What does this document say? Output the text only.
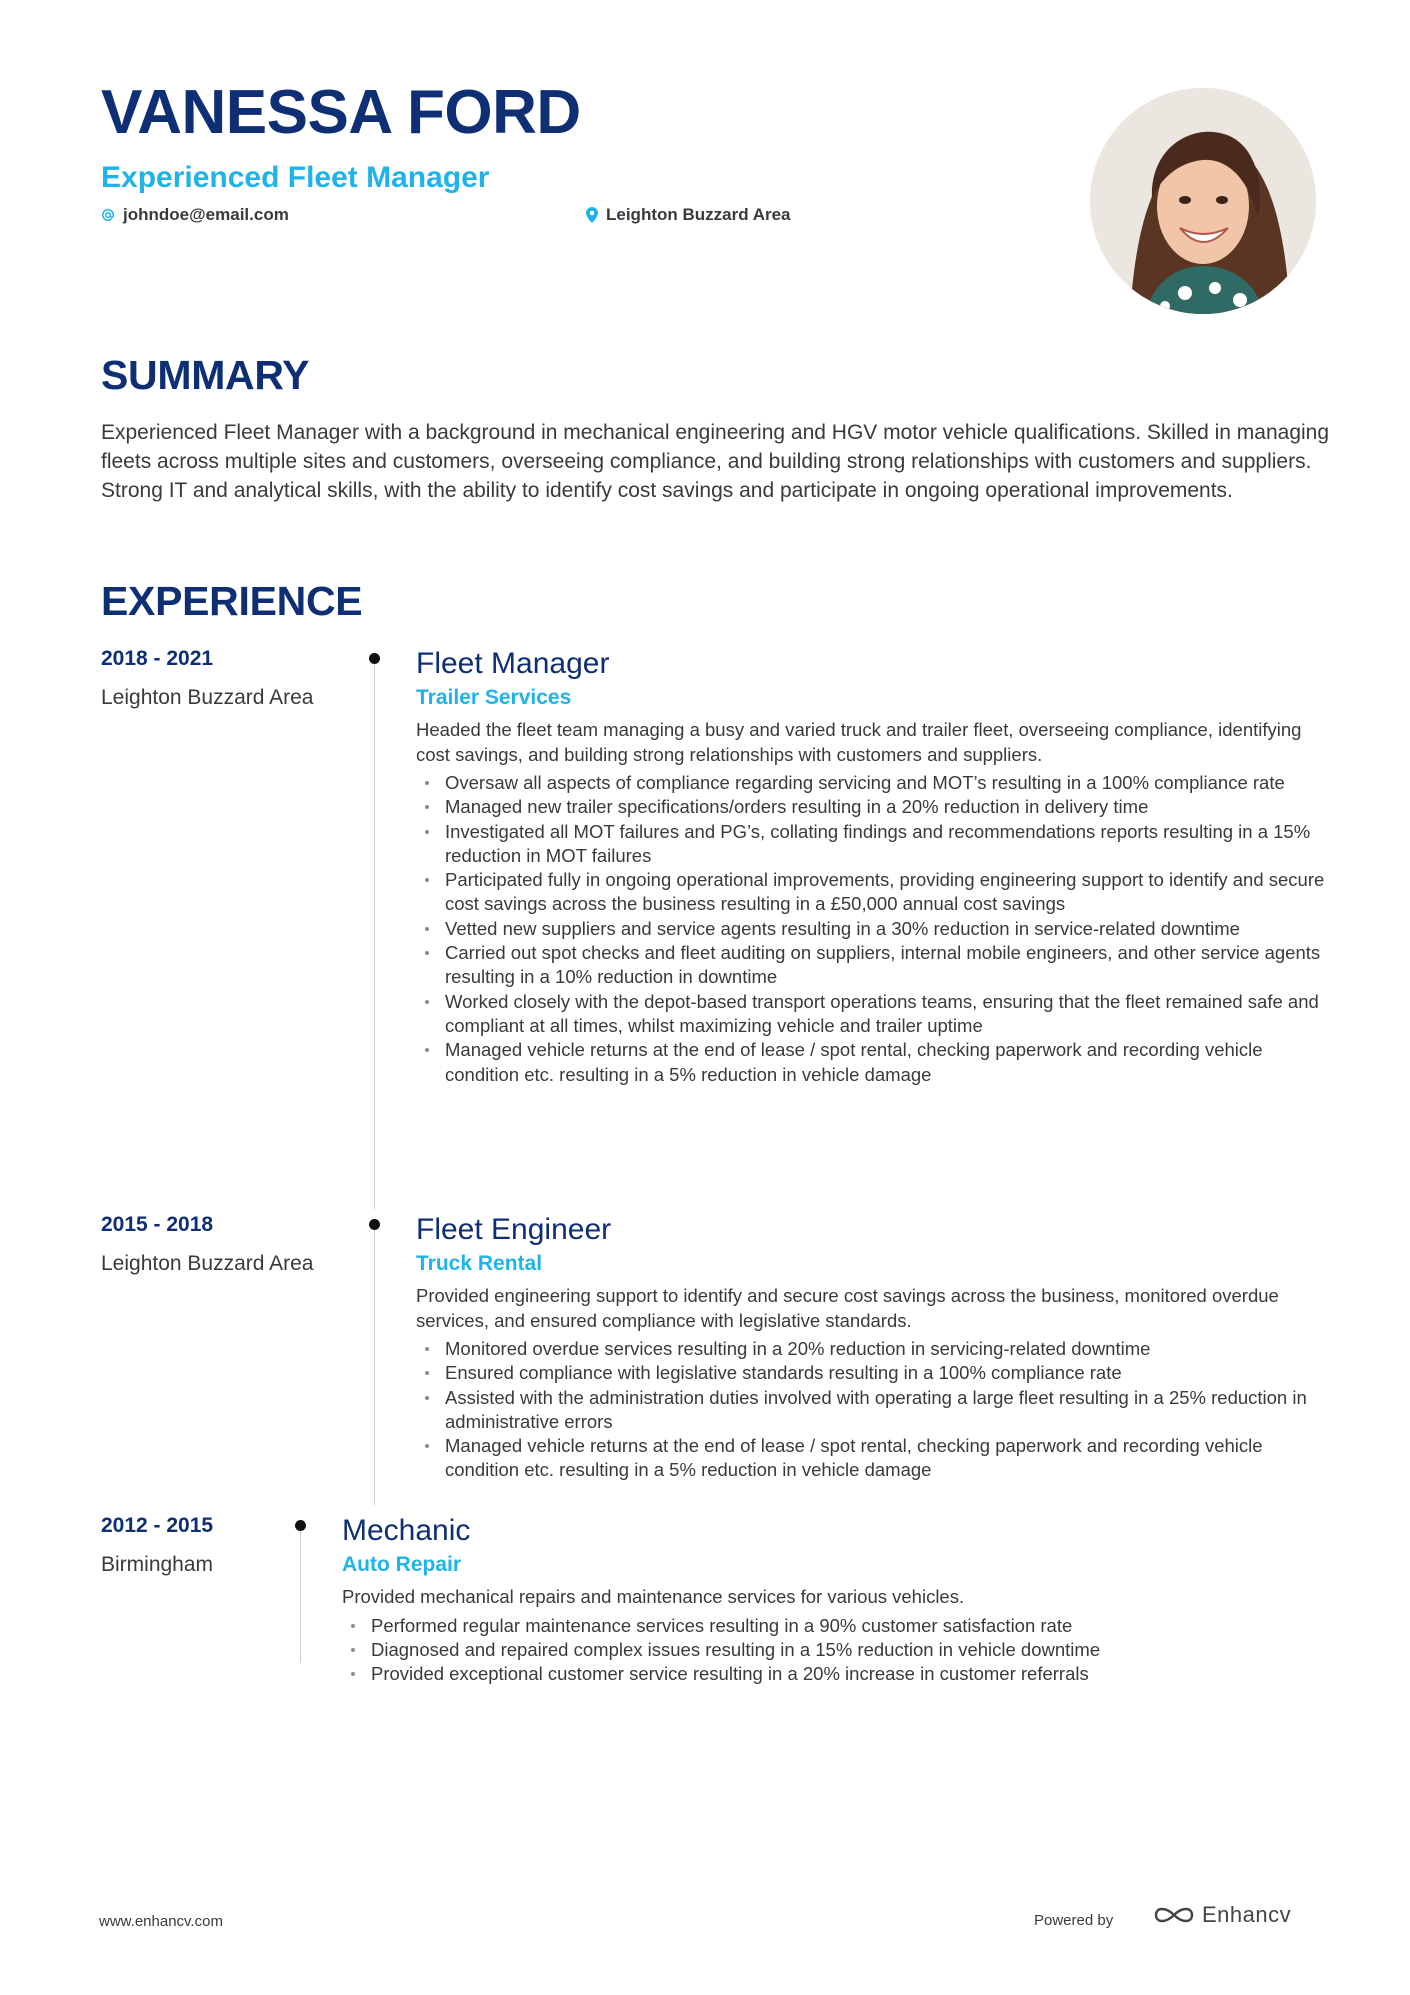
VANESSA FORD
Experienced Fleet Manager
johndoe@email.com	Leighton Buzzard Area
SUMMARY

Experienced Fleet Manager with a background in mechanical engineering and HGV motor vehicle qualifications. Skilled in managing fleets across multiple sites and customers, overseeing compliance, and building strong relationships with customers and suppliers. Strong IT and analytical skills, with the ability to identify cost savings and participate in ongoing operational improvements.

EXPERIENCE
2018 - 2021
Leighton Buzzard Area
Fleet Manager
Trailer Services

Headed the fleet team managing a busy and varied truck and trailer fleet, overseeing compliance, identifying cost savings, and building strong relationships with customers and suppliers.

Oversaw all aspects of compliance regarding servicing and MOT’s resulting in a 100% compliance rate
Managed new trailer specifications/orders resulting in a 20% reduction in delivery time
Investigated all MOT failures and PG’s, collating findings and recommendations reports resulting in a 15% reduction in MOT failures
Participated fully in ongoing operational improvements, providing engineering support to identify and secure cost savings across the business resulting in a £50,000 annual cost savings
Vetted new suppliers and service agents resulting in a 30% reduction in service-related downtime
Carried out spot checks and fleet auditing on suppliers, internal mobile engineers, and other service agents resulting in a 10% reduction in downtime
Worked closely with the depot-based transport operations teams, ensuring that the fleet remained safe and compliant at all times, whilst maximizing vehicle and trailer uptime
Managed vehicle returns at the end of lease / spot rental, checking paperwork and recording vehicle condition etc. resulting in a 5% reduction in vehicle damage
2015 - 2018
Leighton Buzzard Area
Fleet Engineer
Truck Rental

Provided engineering support to identify and secure cost savings across the business, monitored overdue services, and ensured compliance with legislative standards.

Monitored overdue services resulting in a 20% reduction in servicing-related downtime
Ensured compliance with legislative standards resulting in a 100% compliance rate
Assisted with the administration duties involved with operating a large fleet resulting in a 25% reduction in administrative errors
Managed vehicle returns at the end of lease / spot rental, checking paperwork and recording vehicle condition etc. resulting in a 5% reduction in vehicle damage
2012 - 2015
Birmingham
Mechanic
Auto Repair

Provided mechanical repairs and maintenance services for various vehicles.

Performed regular maintenance services resulting in a 90% customer satisfaction rate
Diagnosed and repaired complex issues resulting in a 15% reduction in vehicle downtime
Provided exceptional customer service resulting in a 20% increase in customer referrals
www.enhancv.com	Powered by	Enhancv
